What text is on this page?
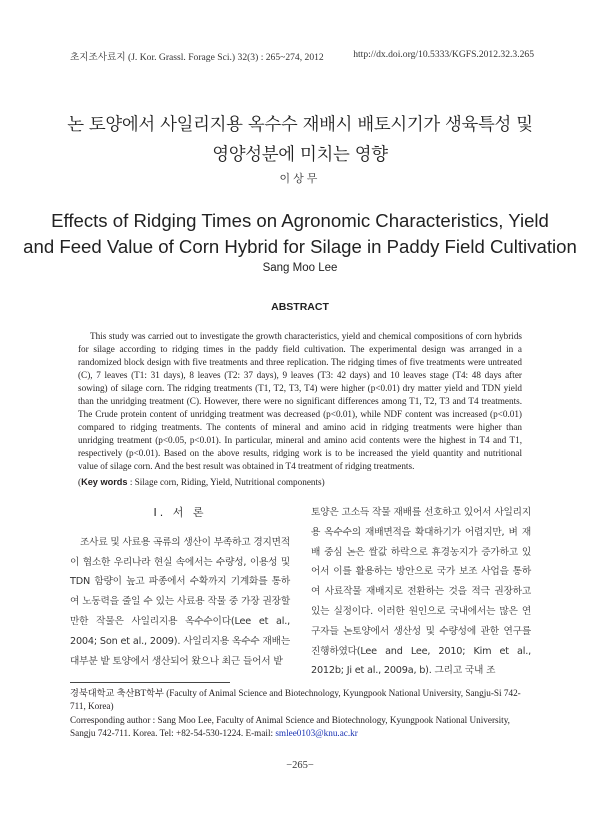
초지조사료지 (J. Kor. Grassl. Forage Sci.) 32(3) : 265~274, 2012	http://dx.doi.org/10.5333/KGFS.2012.32.3.265
논 토양에서 사일리지용 옥수수 재배시 배토시기가 생육특성 및
영양성분에 미치는 영향
이상무
Effects of Ridging Times on Agronomic Characteristics, Yield
and Feed Value of Corn Hybrid for Silage in Paddy Field Cultivation
Sang Moo Lee
ABSTRACT
This study was carried out to investigate the growth characteristics, yield and chemical compositions of corn hybrids for silage according to ridging times in the paddy field cultivation. The experimental design was arranged in a randomized block design with five treatments and three replication. The ridging times of five treatments were untreated (C), 7 leaves (T1: 31 days), 8 leaves (T2: 37 days), 9 leaves (T3: 42 days) and 10 leaves stage (T4: 48 days after sowing) of silage corn. The ridging treatments (T1, T2, T3, T4) were higher (p<0.01) dry matter yield and TDN yield than the unridging treatment (C). However, there were no significant differences among T1, T2, T3 and T4 treatments. The Crude protein content of unridging treatment was decreased (p<0.01), while NDF content was increased (p<0.01) compared to ridging treatments. The contents of mineral and amino acid in ridging treatments were higher than unridging treatment (p<0.05, p<0.01). In particular, mineral and amino acid contents were the highest in T4 and T1, respectively (p<0.01). Based on the above results, ridging work is to be increased the yield quantity and nutritional value of silage corn. And the best result was obtained in T4 treatment of ridging treatments.
(Key words : Silage corn, Riding, Yield, Nutritional components)
Ⅰ. 서 론
조사료 및 사료용 곡류의 생산이 부족하고 경지면적이 협소한 우리나라 현실 속에서는 수량성, 이용성 및 TDN 함량이 높고 파종에서 수확까지 기계화를 통하여 노동력을 줄일 수 있는 사료용 작물 중 가장 권장할 만한 작물은 사일리지용 옥수수이다(Lee et al., 2004; Son et al., 2009). 사일리지용 옥수수 재배는 대부분 밭 토양에서 생산되어 왔으나 최근 들어서 밭
토양은 고소득 작물 재배를 선호하고 있어서 사일리지용 옥수수의 재배면적을 확대하기가 어렵지만, 벼 재배 중심 논은 쌀값 하락으로 휴경농지가 증가하고 있어서 이를 활용하는 방안으로 국가 보조 사업을 통하여 사료작물 재배지로 전환하는 것을 적극 권장하고 있는 실정이다. 이러한 원인으로 국내에서는 많은 연구자들 논토양에서 생산성 및 수량성에 관한 연구를 진행하였다(Lee and Lee, 2010; Kim et al., 2012b; Ji et al., 2009a, b). 그리고 국내 조
경북대학교 축산BT학부 (Faculty of Animal Science and Biotechnology, Kyungpook National University, Sangju-Si 742-711, Korea)
Corresponding author : Sang Moo Lee, Faculty of Animal Science and Biotechnology, Kyungpook National University, Sangju 742-711. Korea. Tel: +82-54-530-1224. E-mail: smlee0103@knu.ac.kr
−265−
